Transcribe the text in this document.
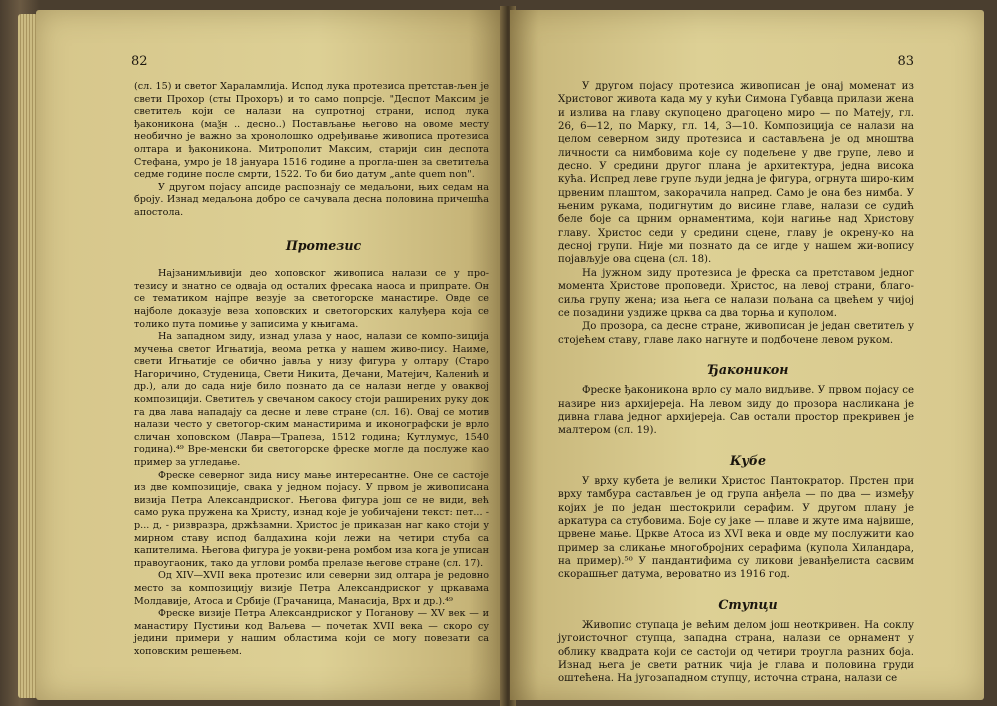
82

(сл. 15) и светог Хараламлија. Испод лука протезиса претстав-љен је свети Прохор (сты Прохоръ) и то само попрсје. "Деспот Максим је светитељ који се налази на супротној страни, испод лука ђаконикона (маѯн .. десно..) Постављање његово на овоме месту необично је важно за хронолошко одређивање живописа протезиса олтара и ђаконикона. Митрополит Максим, старији син деспота Стефана, умро је 18 јануара 1516 године а прогла-шен за светитеља седме године после смрти, 1522. То би био датум „ante quem non".

У другом појасу апсиде распознају се медаљони, њих седам на броју. Изнад медаљона добро се сачувала десна половина причешћа апостола.

Протезис

Најзанимљивији део хоповског живописа налази се у про-тезису и знатно се одваја од осталих фресака наоса и припрате. Он се тематиком најпре везује за светогорске манастире. Овде се најболе доказује веза хоповских и светогорских калуђера која се толико пута помиње у записима у књигама.

На западном зиду, изнад улаза у наос, налази се компо-зиција мучења светог Игњатија, веома ретка у нашем живо-пису. Наиме, свети Игњатије се обично јавља у низу фигура у олтару (Старо Нагоричино, Студеница, Свети Никита, Дечани, Матејич, Каленић и др.), али до сада није било познато да се налази негде у оваквој композицији. Светитељ у свечаном сакосу стоји раширених руку док га два лава нападају са десне и леве стране (сл. 16). Овај се мотив налази често у светогор-ским манастирима и иконографски је врло сличан хоповском (Лавра—Трапеза, 1512 година; Кутлумус, 1540 година).⁴⁹ Вре-менски би светогорске фреске могле да послуже као пример за угледање.

Фреске северног зида нису мање интересантне. Оне се састоје из две композиције, свака у једном појасу. У првом је живописана визија Петра Александриског. Његова фигура још се не види, већ само рука пружена ка Христу, изнад које је уобичајени текст: пет... - р... д, - ризвразра, држѣзамни. Христос је приказан наг како стоји у мирном ставу испод балдахина који лежи на четири стуба са капителима. Његова фигура је уокви-рена ромбом иза кога је уписан правоугаоник, тако да углови ромба прелазе његове стране (сл. 17).

Од XIV—XVII века протезис или северни зид олтара је редовно место за композицију визије Петра Александриског у цркавама Молдавије, Атоса и Србије (Грачаница, Манасија, Врх и др.).⁴⁹

Фреске визије Петра Александриског у Поганову — XV век — и манастиру Пустињи код Ваљева — почетак XVII века — скоро су једини примери у нашим областима који се могу повезати са хоповским решењем.

83

У другом појасу протезиса живописан је онај моменат из Христовог живота када му у кући Симона Губавца прилази жена и излива на главу скупоцено драгоцено миро — по Матеју, гл. 26, 6—12, по Марку, гл. 14, 3—10. Композиција се налази на целом северном зиду протезиса и састављена је од мноштва личности са нимбовима које су подељене у две групе, лево и десно. У средини другог плана је архитектура, једна висока кућа. Испред леве групе људи једна је фигура, огрнута широ-ким црвеним плаштом, закорачила напред. Само је она без нимба. У њеним рукама, подигнутим до висине главе, налази се судић беле боје са црним орнаментима, који нагиње над Христову главу. Христос седи у средини сцене, главу је окрену-ко на десној групи. Није ми познато да се игде у нашем жи-вопису појављује ова сцена (сл. 18).

На јужном зиду протезиса је фреска са претставом једног момента Христове проповеди. Христос, на левој страни, благо-сиља групу жена; иза њега се налази пољана са цвећем у чијој се позадини уздиже црква са два торња и куполом.

До прозора, са десне стране, живописан је један светитељ у стојећем ставу, главе лако нагнуте и подбочене левом руком.

Ђаконикон

Фреске ђаконикона врло су мало видљиве. У првом појасу се назире низ архијереја. На левом зиду до прозора насликана је дивна глава једног архијереја. Сав остали простор прекривен је малтером (сл. 19).

Кубе

У врху кубета је велики Христос Пантократор. Прстен при врху тамбура састављен је од група анђела — по два — између којих је по један шестокрили серафим. У другом плану је аркатура са стубовима. Боје су јаке — плаве и жуте има највише, црвене мање. Цркве Атоса из XVI века и овде му послужити као пример за сликање многобројних серафима (купола Хиландара, на пример).⁵⁰ У пандантифима су ликови јеванђелиста сасвим скорашњег датума, вероватно из 1916 год.

Ступци

Живопис ступаца је већим делом још неоткривен. На соклу југоисточног ступца, западна страна, налази се орнамент у облику квадрата који се састоји од четири троугла разних боја. Изнад њега је свети ратник чија је глава и половина груди оштећена. На југозападном ступцу, источна страна, налази се
